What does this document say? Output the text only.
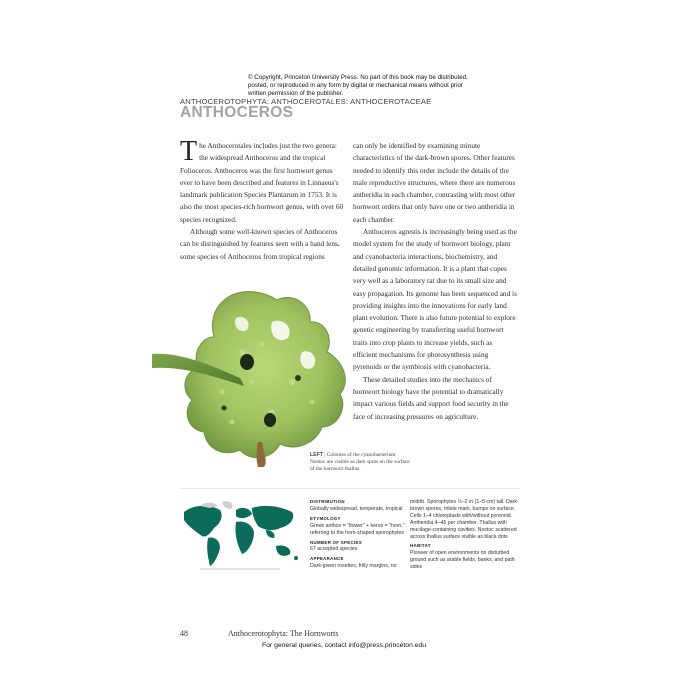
© Copyright, Princeton University Press. No part of this book may be distributed, posted, or reproduced in any form by digital or mechanical means without prior written permission of the publisher.
ANTHOCEROTOPHYTA: ANTHOCEROTALES: ANTHOCEROTACEAE
ANTHOCEROS

The Anthocerotales includes just the two genera: the widespread Anthoceros and the tropical Folioceros. Anthoceros was the first hornwort genus ever to have been described and features in Linnaeus's landmark publication Species Plantarum in 1753. It is also the most species-rich hornwort genus, with over 60 species recognized.

Although some well-known species of Anthoceros can be distinguished by features seen with a hand lens, some species of Anthoceros from tropical regions

can only be identified by examining minute characteristics of the dark-brown spores. Other features needed to identify this order include the details of the male reproductive structures, where there are numerous antheridia in each chamber, contrasting with most other hornwort orders that only have one or two antheridia in each chamber.

Anthoceros agrestis is increasingly being used as the model system for the study of hornwort biology, plant and cyanobacteria interactions, biochemistry, and detailed genomic information. It is a plant that copes very well as a laboratory rat due to its small size and easy propagation. Its genome has been sequenced and is providing insights into the innovations for early land plant evolution. There is also future potential to explore genetic engineering by transferring useful hornwort traits into crop plants to increase yields, such as efficient mechanisms for photosynthesis using pyrenoids or the symbiosis with cyanobacteria.

These detailed studies into the mechanics of hornwort biology have the potential to dramatically impact various fields and support food security in the face of increasing pressures on agriculture.

LEFT | Colonies of the cyanobacterium Nostoc are visible as dark spots on the surface of the hornwort thallus.
DISTRIBUTION
Globally widespread, temperate, tropical
ETYMOLOGY
Greek anthos = "flower" + keros = "horn," referring to the horn-shaped sporophytes
NUMBER OF SPECIES
67 accepted species
APPEARANCE
Dark-green rosettes, frilly margins, no
midrib. Sporophytes ½–2 in (1–5 cm) tall. Dark-brown spores, trilete mark, bumps on surface. Cells 1–4 chloroplasts with/without pyrenoid. Antheridia 4–45 per chamber. Thallus with mucilage-containing cavities. Nostoc scattered across thallus surface visible as black dots
HABITAT
Pioneer of open environments on disturbed ground such as arable fields, banks, and path sides
48	Anthocerotophyta: The Hornworts
For general queries, contact info@press.princeton.edu
